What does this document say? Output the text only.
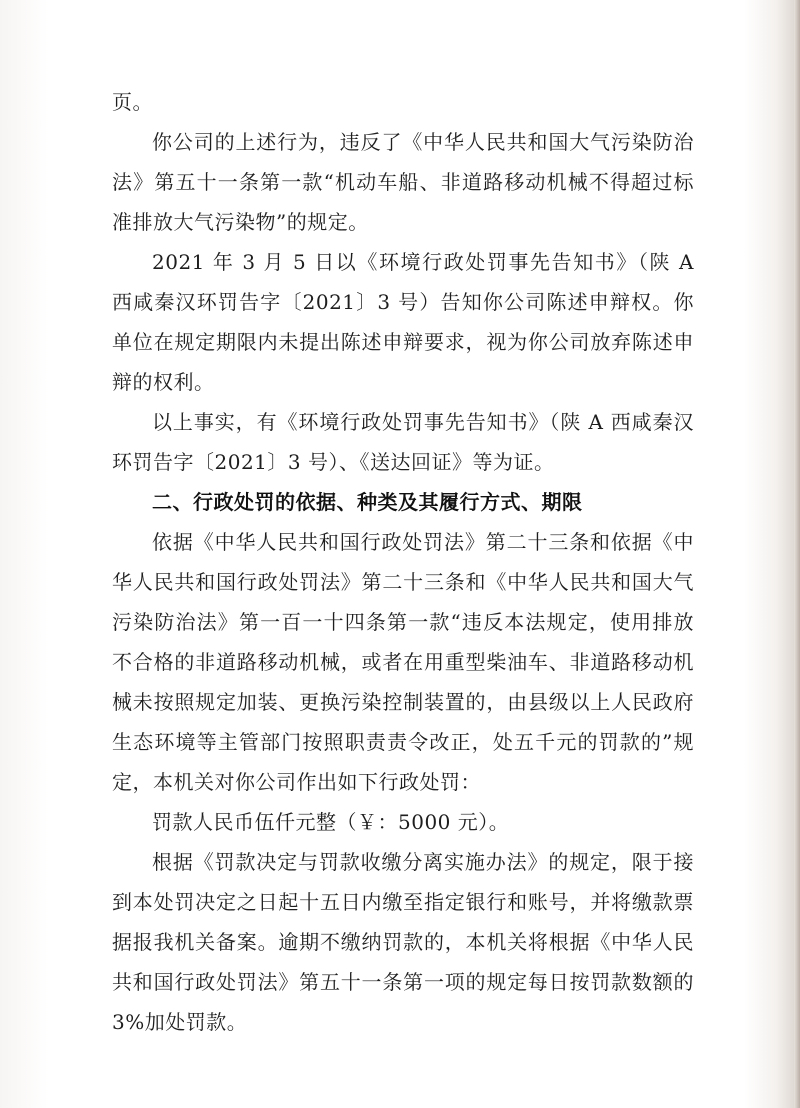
页。

你公司的上述行为，违反了《中华人民共和国大气污染防治法》第五十一条第一款“机动车船、非道路移动机械不得超过标准排放大气污染物”的规定。

2021 年 3 月 5 日以《环境行政处罚事先告知书》（陕 A 西咸秦汉环罚告字〔2021〕3 号）告知你公司陈述申辩权。你单位在规定期限内未提出陈述申辩要求，视为你公司放弃陈述申辩的权利。

以上事实，有《环境行政处罚事先告知书》（陕 A 西咸秦汉环罚告字〔2021〕3 号）、《送达回证》等为证。

二、行政处罚的依据、种类及其履行方式、期限

依据《中华人民共和国行政处罚法》第二十三条和依据《中华人民共和国行政处罚法》第二十三条和《中华人民共和国大气污染防治法》第一百一十四条第一款“违反本法规定，使用排放不合格的非道路移动机械，或者在用重型柴油车、非道路移动机械未按照规定加装、更换污染控制装置的，由县级以上人民政府生态环境等主管部门按照职责责令改正，处五千元的罚款的”规定，本机关对你公司作出如下行政处罚：

罚款人民币伍仟元整（￥：5000 元）。

根据《罚款决定与罚款收缴分离实施办法》的规定，限于接到本处罚决定之日起十五日内缴至指定银行和账号，并将缴款票据报我机关备案。逾期不缴纳罚款的，本机关将根据《中华人民共和国行政处罚法》第五十一条第一项的规定每日按罚款数额的 3%加处罚款。
